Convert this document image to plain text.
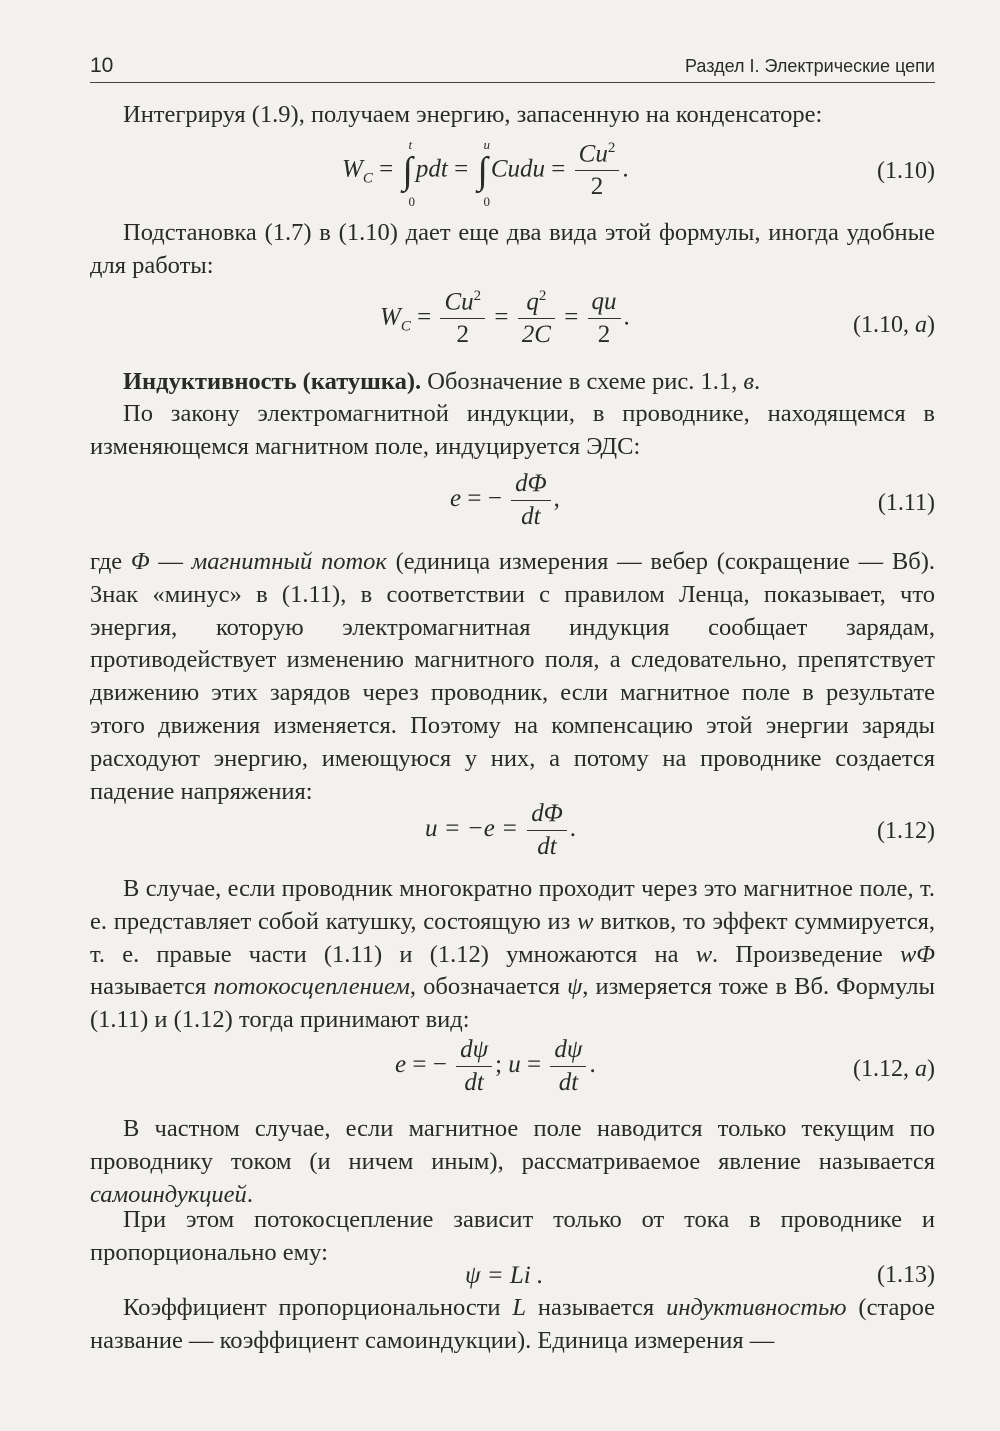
10	Раздел I. Электрические цепи

Интегрируя (1.9), получаем энергию, запасенную на конденсаторе:

$W_C$ = ∫
t
0
pdt = ∫
u
0
Cudu = $\frac{Cu^2}{2}$ .	(1.10)

Подстановка (1.7) в (1.10) дает еще два вида этой формулы, иногда удобные для работы:

$W_C = \frac{Cu^2}{2} = \frac{q^2}{2C} = \frac{qu}{2}$ .	(1.10, a)

Индуктивность (катушка). Обозначение в схеме рис. 1.1, в.

По закону электромагнитной индукции, в проводнике, находящемся в изменяющемся магнитном поле, индуцируется ЭДС:

e = − $\frac{d\Phi}{dt}$ ,	(1.11)

где Φ — магнитный поток (единица измерения — вебер (сокращение — Вб). Знак «минус» в (1.11), в соответствии с правилом Ленца, показывает, что энергия, которую электромагнитная индукция сообщает зарядам, противодействует изменению магнитного поля, а следовательно, препятствует движению этих зарядов через проводник, если магнитное поле в результате этого движения изменяется. Поэтому на компенсацию этой энергии заряды расходуют энергию, имеющуюся у них, а потому на проводнике создается падение напряжения:

$u = -e = \frac{d\Phi}{dt}$ .	(1.12)

В случае, если проводник многократно проходит через это магнитное поле, т. е. представляет собой катушку, состоящую из w витков, то эффект суммируется, т. е. правые части (1.11) и (1.12) умножаются на w. Произведение wΦ называется потокосцеплением, обозначается ψ, измеряется тоже в Вб. Формулы (1.11) и (1.12) тогда принимают вид:

e = − $\frac{d\psi}{dt}$ ; $u = \frac{d\psi}{dt}$ .	(1.12, a)

В частном случае, если магнитное поле наводится только текущим по проводнику током (и ничем иным), рассматриваемое явление называется самоиндукцией.

При этом потокосцепление зависит только от тока в проводнике и пропорционально ему:

ψ = Li .	(1.13)

Коэффициент пропорциональности L называется индуктивностью (старое название — коэффициент самоиндукции). Единица измерения —
